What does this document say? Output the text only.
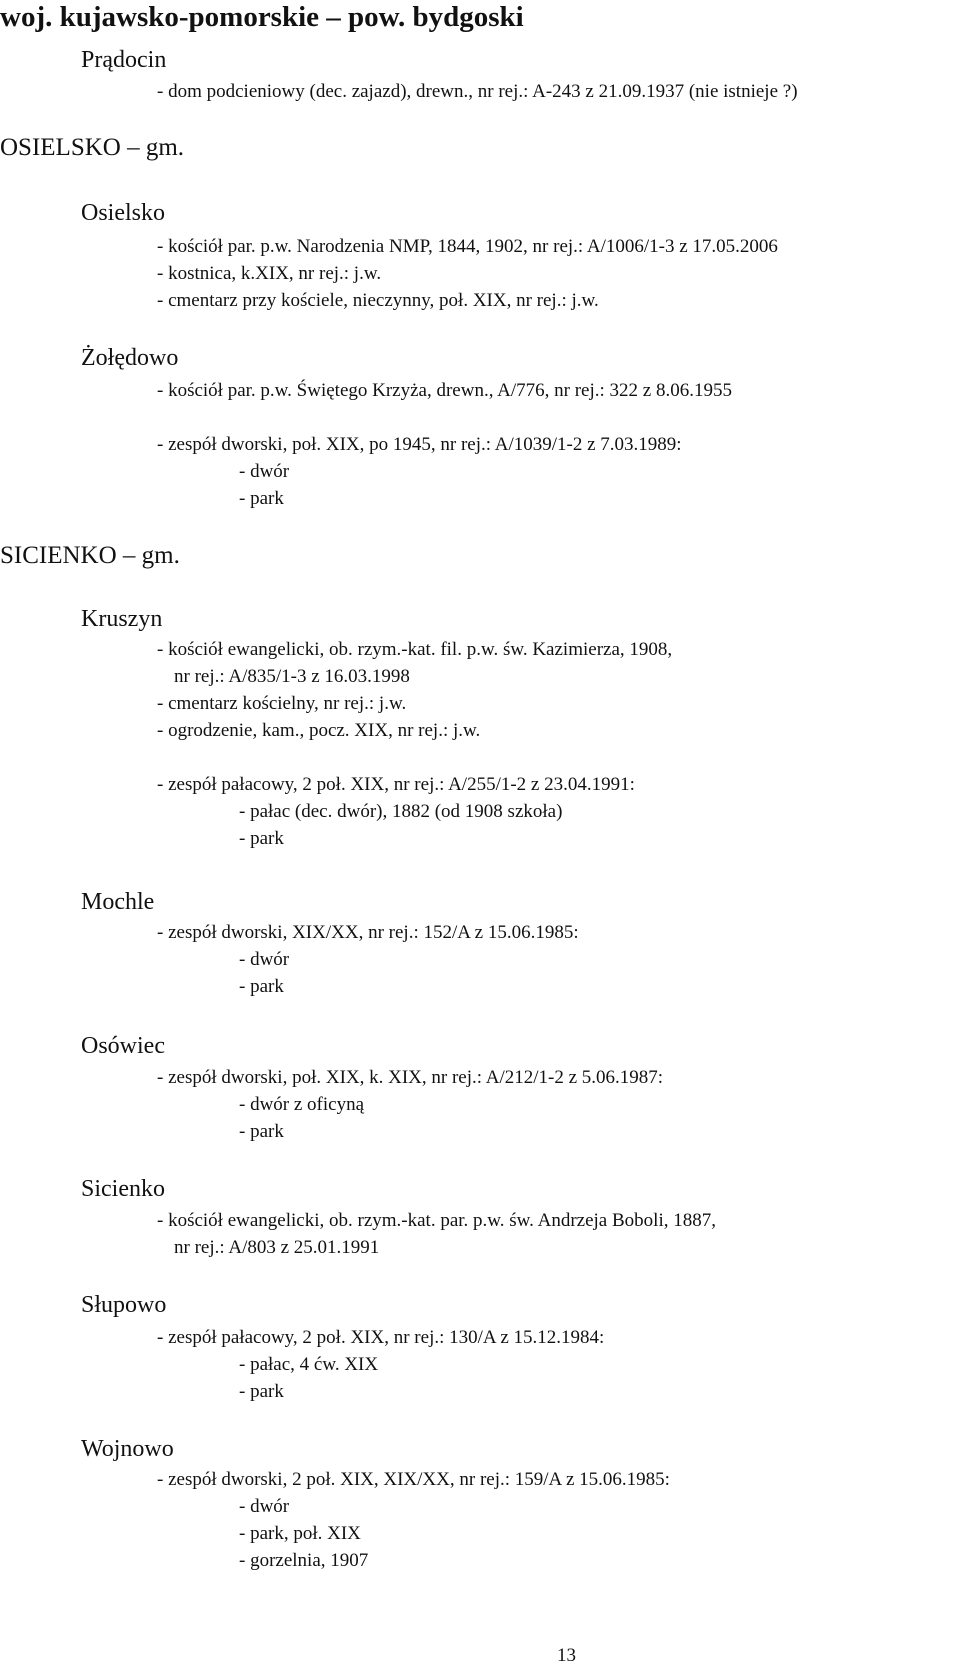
woj. kujawsko-pomorskie – pow. bydgoski
Prądocin
- dom podcieniowy (dec. zajazd), drewn., nr rej.: A-243 z 21.09.1937 (nie istnieje ?)
OSIELSKO – gm.
Osielsko
- kościół par. p.w. Narodzenia NMP, 1844, 1902, nr rej.: A/1006/1-3 z 17.05.2006
- kostnica, k.XIX, nr rej.: j.w.
- cmentarz przy kościele, nieczynny, poł. XIX, nr rej.: j.w.
Żołędowo
- kościół par. p.w. Świętego Krzyża, drewn., A/776, nr rej.: 322 z 8.06.1955
- zespół dworski, poł. XIX, po 1945, nr rej.: A/1039/1-2 z 7.03.1989:
- dwór
- park
SICIENKO – gm.
Kruszyn
- kościół ewangelicki, ob. rzym.-kat. fil. p.w. św. Kazimierza, 1908,
nr rej.: A/835/1-3 z 16.03.1998
- cmentarz kościelny, nr rej.: j.w.
- ogrodzenie, kam., pocz. XIX, nr rej.: j.w.
- zespół pałacowy, 2 poł. XIX, nr rej.: A/255/1-2 z 23.04.1991:
- pałac (dec. dwór), 1882 (od 1908 szkoła)
- park
Mochle
- zespół dworski, XIX/XX, nr rej.: 152/A z 15.06.1985:
- dwór
- park
Osówiec
- zespół dworski, poł. XIX, k. XIX, nr rej.: A/212/1-2 z 5.06.1987:
- dwór z oficyną
- park
Sicienko
- kościół ewangelicki, ob. rzym.-kat. par. p.w. św. Andrzeja Boboli, 1887,
nr rej.: A/803 z 25.01.1991
Słupowo
- zespół pałacowy, 2 poł. XIX, nr rej.: 130/A z 15.12.1984:
- pałac, 4 ćw. XIX
- park
Wojnowo
- zespół dworski, 2 poł. XIX, XIX/XX, nr rej.: 159/A z 15.06.1985:
- dwór
- park, poł. XIX
- gorzelnia, 1907
13
